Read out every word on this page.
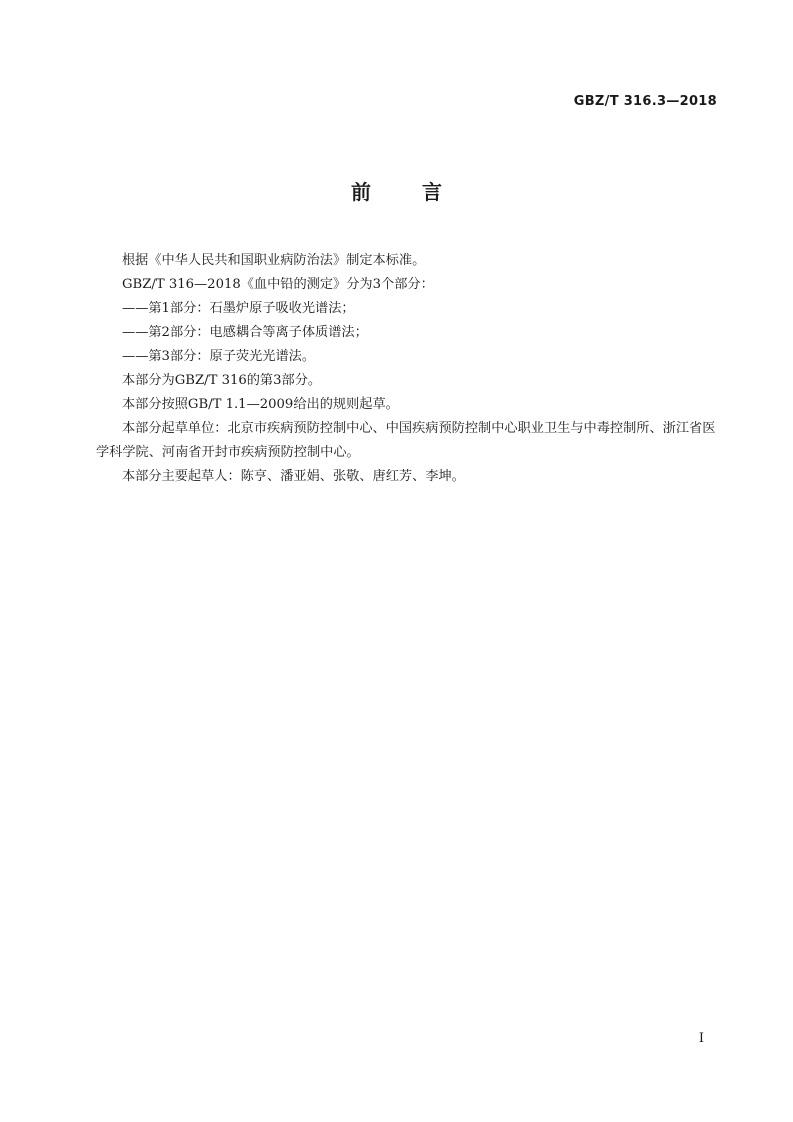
GBZ/T 316.3—2018
前 言

根据《中华人民共和国职业病防治法》制定本标准。

GBZ/T 316—2018《血中铅的测定》分为3个部分：

——第1部分：石墨炉原子吸收光谱法；

——第2部分：电感耦合等离子体质谱法；

——第3部分：原子荧光光谱法。

本部分为GBZ/T 316的第3部分。

本部分按照GB/T 1.1—2009给出的规则起草。

本部分起草单位：北京市疾病预防控制中心、中国疾病预防控制中心职业卫生与中毒控制所、浙江省医学科学院、河南省开封市疾病预防控制中心。

本部分主要起草人：陈亨、潘亚娟、张敬、唐红芳、李坤。

I
